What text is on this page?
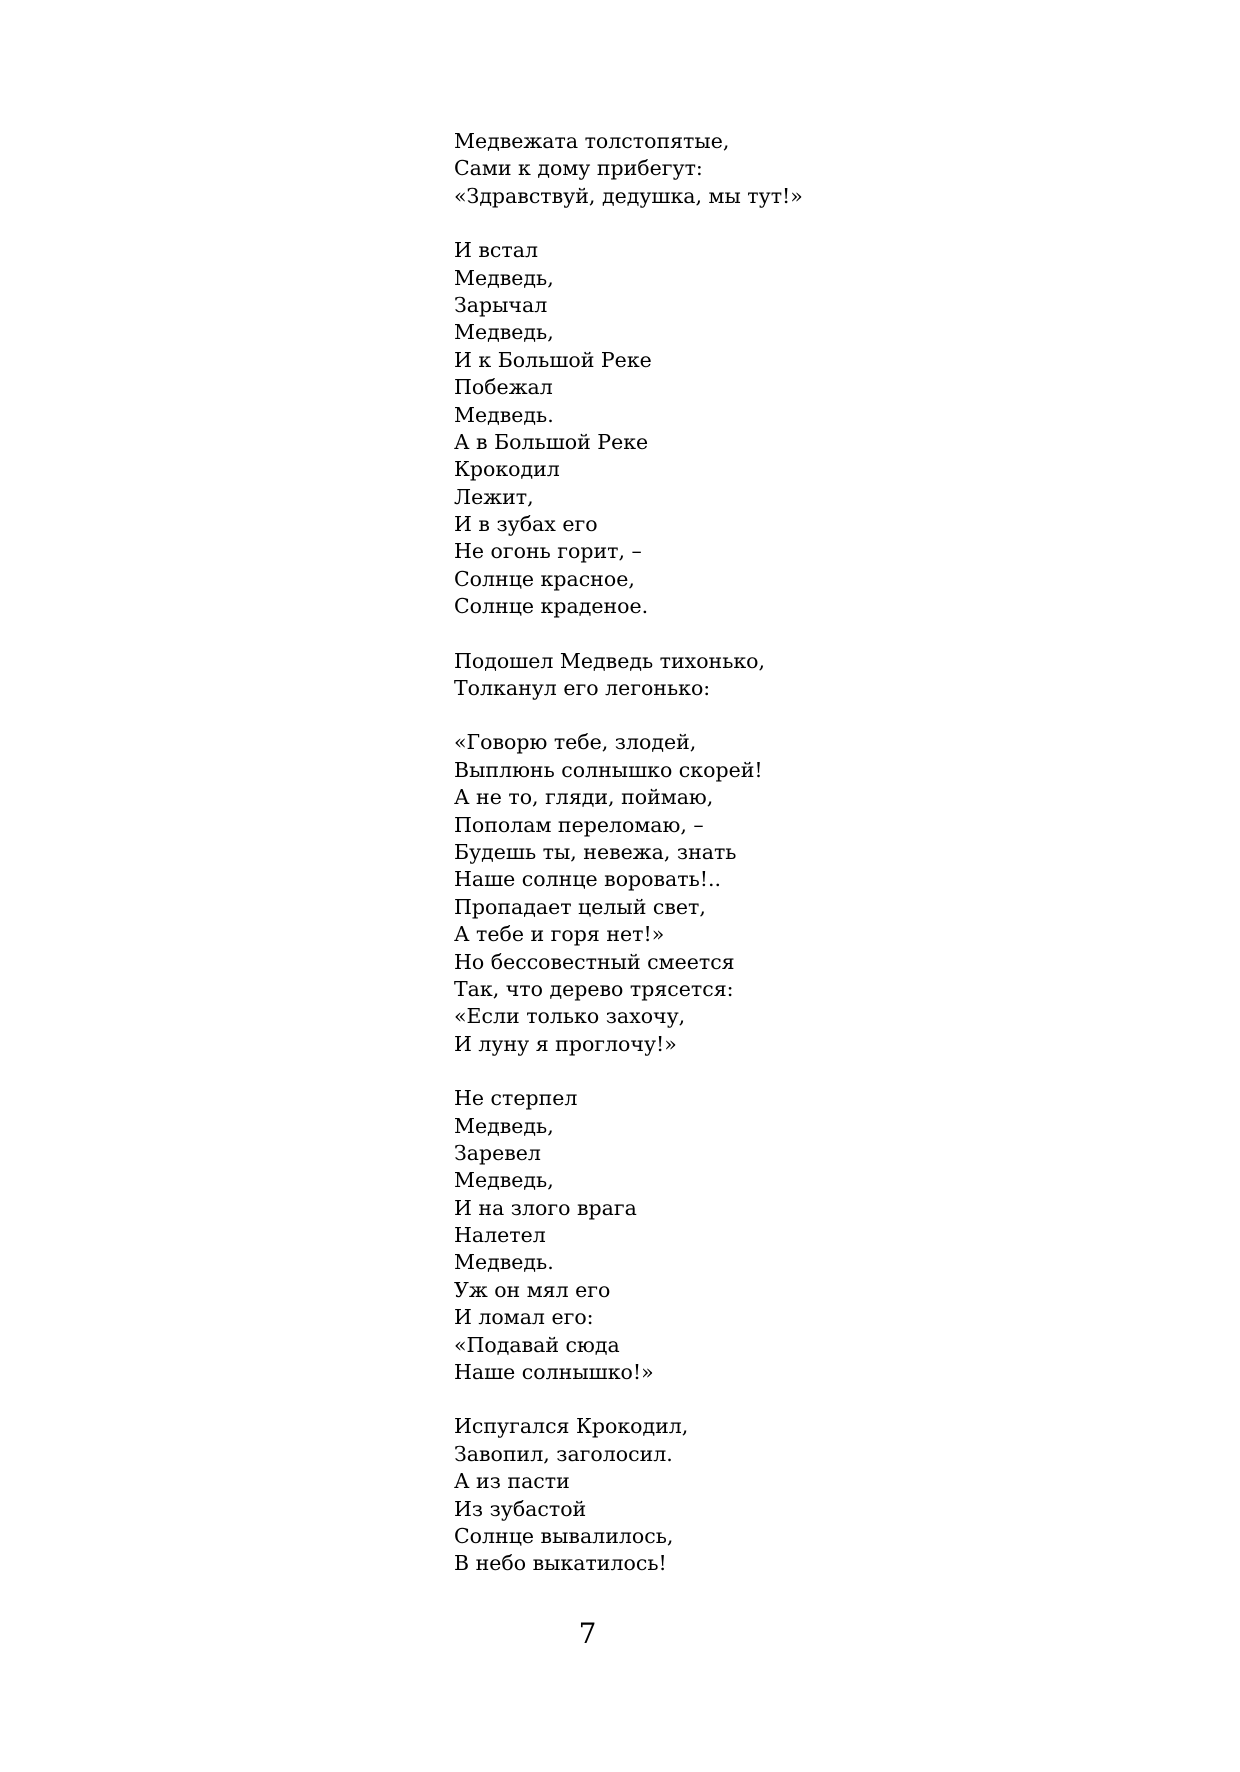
Медвежата толстопятые,
Сами к дому прибегут:
«Здравствуй, дедушка, мы тут!»
И встал
Медведь,
Зарычал
Медведь,
И к Большой Реке
Побежал
Медведь.
А в Большой Реке
Крокодил
Лежит,
И в зубах его
Не огонь горит, –
Солнце красное,
Солнце краденое.
Подошел Медведь тихонько,
Толканул его легонько:
«Говорю тебе, злодей,
Выплюнь солнышко скорей!
А не то, гляди, поймаю,
Пополам переломаю, –
Будешь ты, невежа, знать
Наше солнце воровать!..
Пропадает целый свет,
А тебе и горя нет!»
Но бессовестный смеется
Так, что дерево трясется:
«Если только захочу,
И луну я проглочу!»
Не стерпел
Медведь,
Заревел
Медведь,
И на злого врага
Налетел
Медведь.
Уж он мял его
И ломал его:
«Подавай сюда
Наше солнышко!»
Испугался Крокодил,
Завопил, заголосил.
А из пасти
Из зубастой
Солнце вывалилось,
В небо выкатилось!
7
